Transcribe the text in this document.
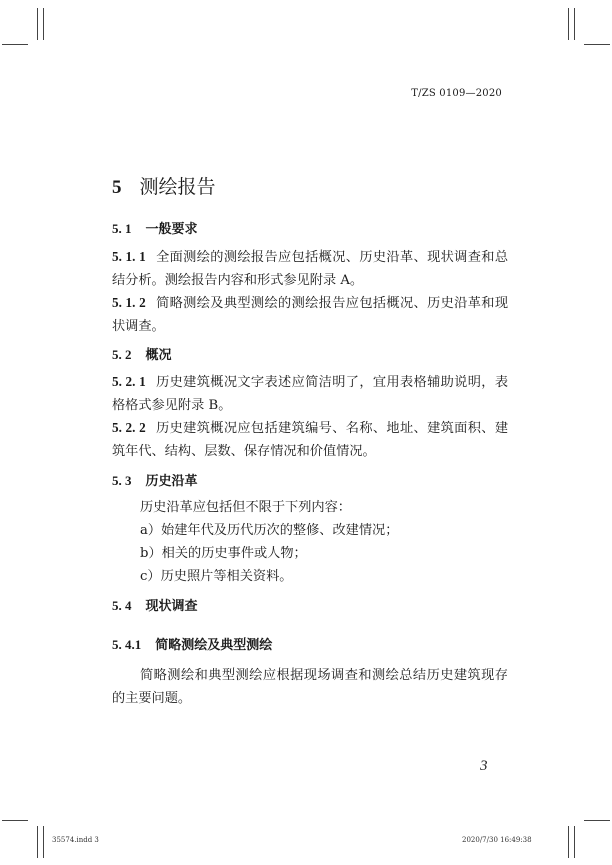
T/ZS 0109—2020
5 测绘报告
5. 1 一般要求
5. 1. 1 全面测绘的测绘报告应包括概况、历史沿革、现状调查和总结分析。测绘报告内容和形式参见附录 A。
5. 1. 2 简略测绘及典型测绘的测绘报告应包括概况、历史沿革和现状调查。
5. 2 概况
5. 2. 1 历史建筑概况文字表述应简洁明了，宜用表格辅助说明，表格格式参见附录 B。
5. 2. 2 历史建筑概况应包括建筑编号、名称、地址、建筑面积、建筑年代、结构、层数、保存情况和价值情况。
5. 3 历史沿革
历史沿革应包括但不限于下列内容：
a）始建年代及历代历次的整修、改建情况；
b）相关的历史事件或人物；
c）历史照片等相关资料。
5. 4 现状调查
5. 4.1 简略测绘及典型测绘
简略测绘和典型测绘应根据现场调查和测绘总结历史建筑现存的主要问题。
3
35574.indd 3	2020/7/30 16:49:38
